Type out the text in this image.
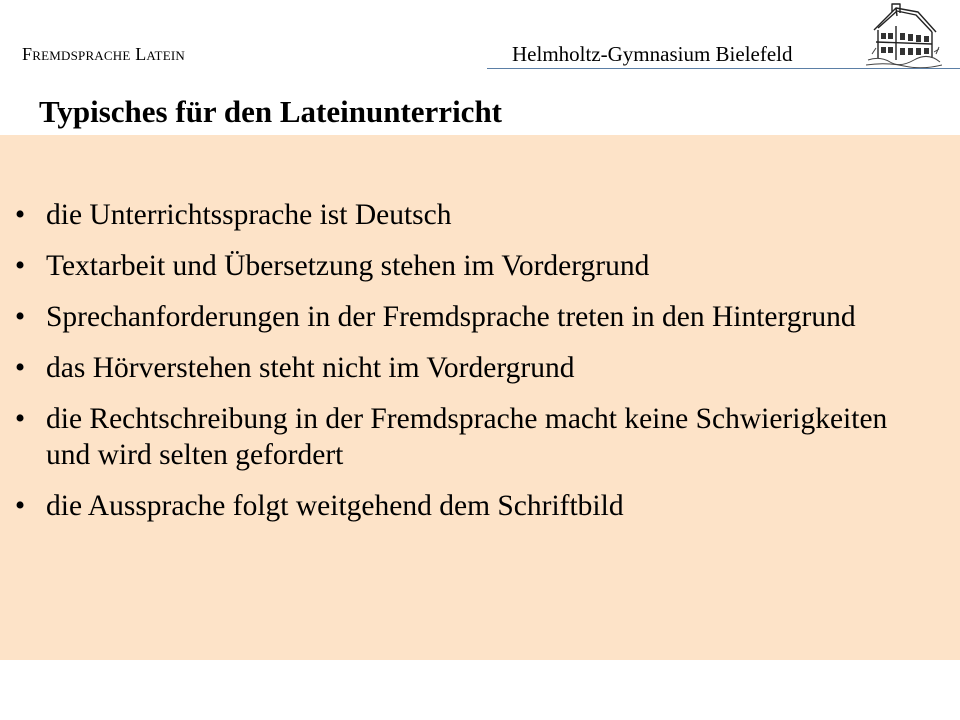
FREMDSPRACHE LATEIN	Helmholtz-Gymnasium Bielefeld
Typisches für den Lateinunterricht
• die Unterrichtssprache ist Deutsch
• Textarbeit und Übersetzung stehen im Vordergrund
• Sprechanforderungen in der Fremdsprache treten in den Hintergrund
• das Hörverstehen steht nicht im Vordergrund
• die Rechtschreibung in der Fremdsprache macht keine Schwierigkeiten und wird selten gefordert
• die Aussprache folgt weitgehend dem Schriftbild
